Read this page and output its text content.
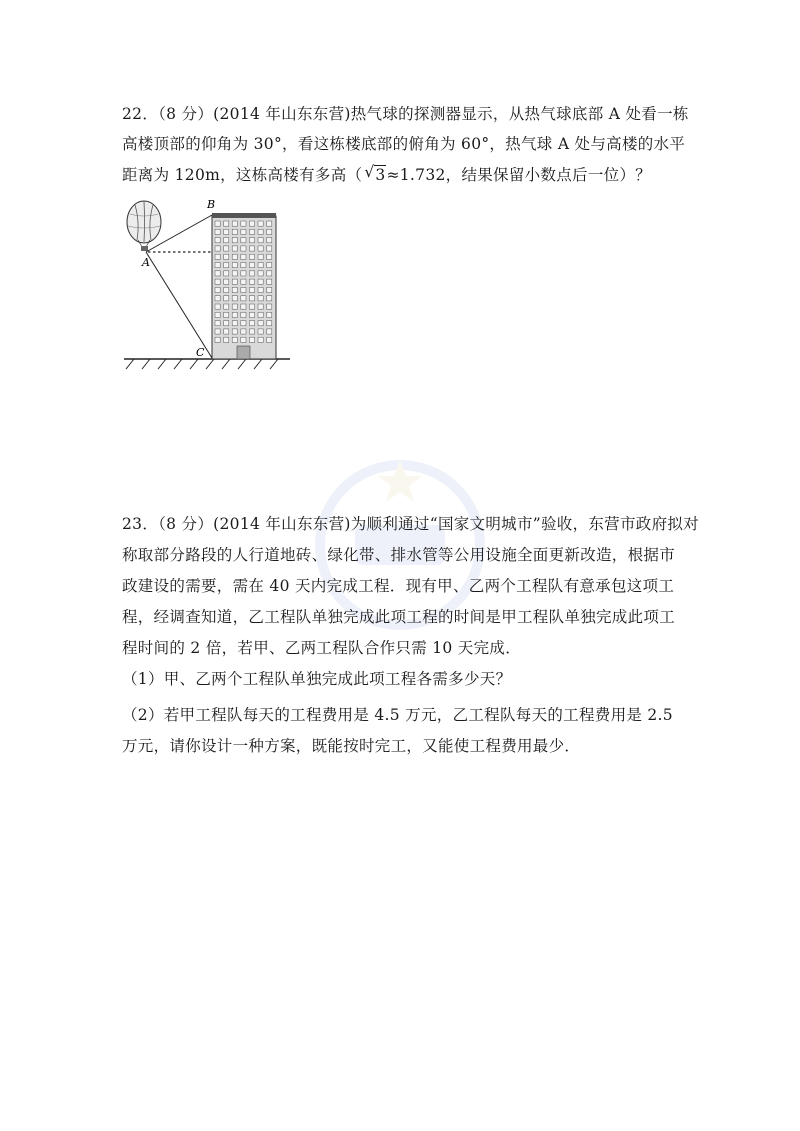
22．（8 分）(2014 年山东东营)热气球的探测器显示，从热气球底部 A 处看一栋
高楼顶部的仰角为 30°，看这栋楼底部的俯角为 60°，热气球 A 处与高楼的水平
距离为 120m，这栋高楼有多高（ √ 3≈1.732，结果保留小数点后一位）？
A
B
C
23．（8 分）(2014 年山东东营)为顺利通过“国家文明城市”验收，东营市政府拟对
称取部分路段的人行道地砖、绿化带、排水管等公用设施全面更新改造，根据市
政建设的需要，需在 40 天内完成工程．现有甲、乙两个工程队有意承包这项工
程，经调查知道，乙工程队单独完成此项工程的时间是甲工程队单独完成此项工
程时间的 2 倍，若甲、乙两工程队合作只需 10 天完成．
（1）甲、乙两个工程队单独完成此项工程各需多少天？
（2）若甲工程队每天的工程费用是 4.5 万元，乙工程队每天的工程费用是 2.5
万元，请你设计一种方案，既能按时完工，又能使工程费用最少．
